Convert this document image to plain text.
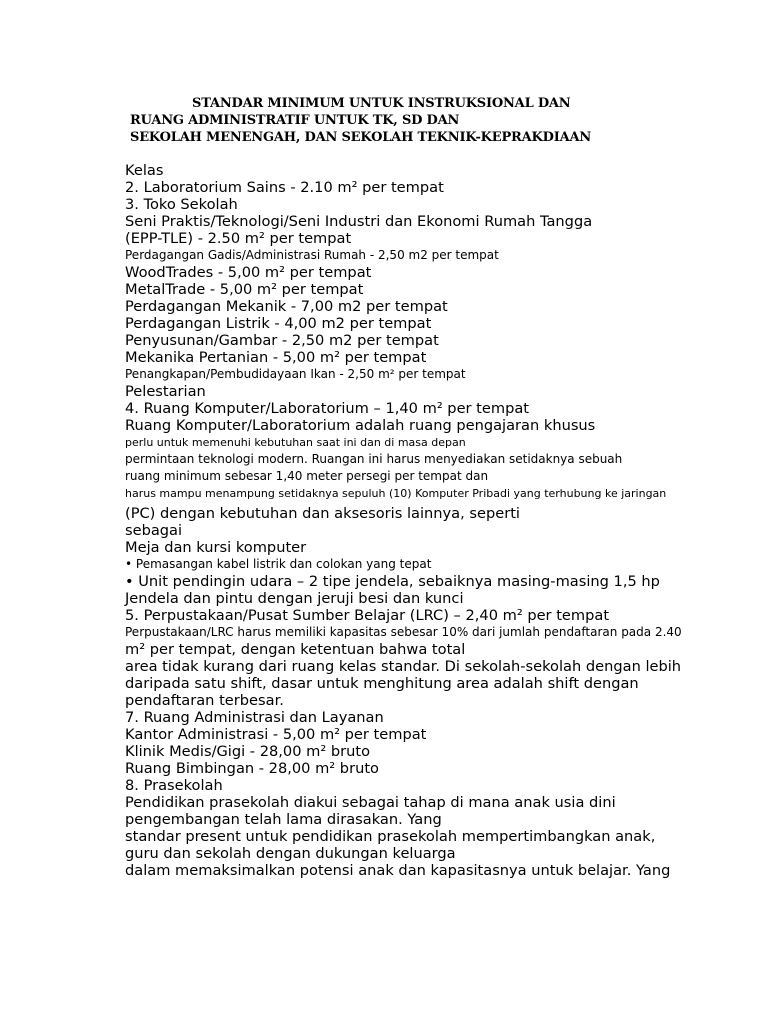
STANDAR MINIMUM UNTUK INSTRUKSIONAL DAN
RUANG ADMINISTRATIF UNTUK TK, SD DAN
SEKOLAH MENENGAH, DAN SEKOLAH TEKNIK-KEPRAKDIAAN
Kelas
2. Laboratorium Sains - 2.10 m² per tempat
3. Toko Sekolah
Seni Praktis/Teknologi/Seni Industri dan Ekonomi Rumah Tangga
(EPP-TLE) - 2.50 m² per tempat
Perdagangan Gadis/Administrasi Rumah - 2,50 m2 per tempat
WoodTrades - 5,00 m² per tempat
MetalTrade - 5,00 m² per tempat
Perdagangan Mekanik - 7,00 m2 per tempat
Perdagangan Listrik - 4,00 m2 per tempat
Penyusunan/Gambar - 2,50 m2 per tempat
Mekanika Pertanian - 5,00 m² per tempat
Penangkapan/Pembudidayaan Ikan - 2,50 m² per tempat
Pelestarian
4. Ruang Komputer/Laboratorium – 1,40 m² per tempat
Ruang Komputer/Laboratorium adalah ruang pengajaran khusus
perlu untuk memenuhi kebutuhan saat ini dan di masa depan
permintaan teknologi modern. Ruangan ini harus menyediakan setidaknya sebuah
ruang minimum sebesar 1,40 meter persegi per tempat dan
harus mampu menampung setidaknya sepuluh (10) Komputer Pribadi yang terhubung ke jaringan
(PC) dengan kebutuhan dan aksesoris lainnya, seperti
sebagai
Meja dan kursi komputer
• Pemasangan kabel listrik dan colokan yang tepat
• Unit pendingin udara – 2 tipe jendela, sebaiknya masing-masing 1,5 hp
Jendela dan pintu dengan jeruji besi dan kunci
5. Perpustakaan/Pusat Sumber Belajar (LRC) – 2,40 m² per tempat
Perpustakaan/LRC harus memiliki kapasitas sebesar 10% dari jumlah pendaftaran pada 2.40
m² per tempat, dengan ketentuan bahwa total
area tidak kurang dari ruang kelas standar. Di sekolah-sekolah dengan lebih
daripada satu shift, dasar untuk menghitung area adalah shift dengan
pendaftaran terbesar.
7. Ruang Administrasi dan Layanan
Kantor Administrasi - 5,00 m² per tempat
Klinik Medis/Gigi - 28,00 m² bruto
Ruang Bimbingan - 28,00 m² bruto
8. Prasekolah
Pendidikan prasekolah diakui sebagai tahap di mana anak usia dini
pengembangan telah lama dirasakan. Yang
standar present untuk pendidikan prasekolah mempertimbangkan anak,
guru dan sekolah dengan dukungan keluarga
dalam memaksimalkan potensi anak dan kapasitasnya untuk belajar. Yang
